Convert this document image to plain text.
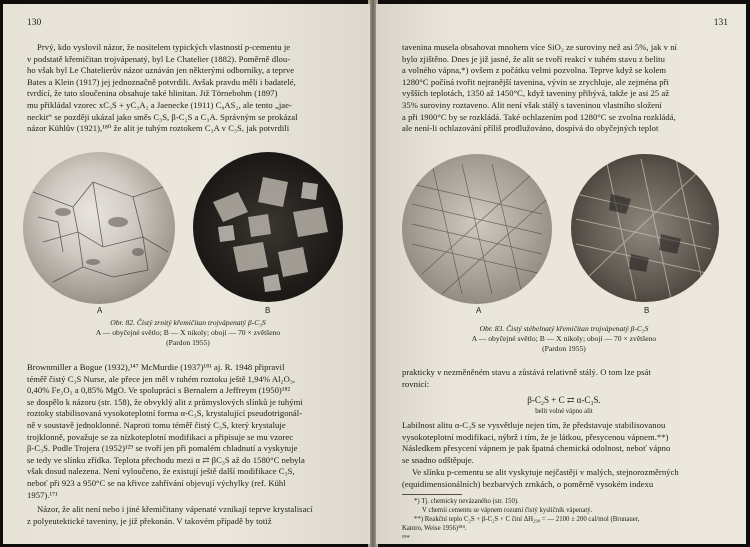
130
Prvý, kdo vyslovil názor, že nositelem typických vlastností p-cementu je
v podstatě křemičitan trojvápenatý, byl Le Chatelier (1882). Poměrně dlou-
ho však byl Le Chatelierův názor uznáván jen některými odborníky, a teprve
Bates a Klein (1917) jej jednoznačně potvrdili. Avšak pravdu měli i badatelé,
tvrdící, že tato sloučenina obsahuje také hlinitan. Již Törnebohm (1897)
mu přikládal vzorec xC₃S + yC₃A₂ a Jaenecke (1911) C₈AS₂, ale tento „jae-
neckit“ se později ukázal jako směs C₃S, β-C₂S a C₃A. Správným se prokázal
názor Kühlův (1921),¹⁸⁰ že alit je tuhým roztokem C₃A v C₃S, jak potvrdili
A	B
Obr. 82. Čistý zrnitý křemičitan trojvápenatý β-C₃S
A — obyčejné světlo; B — X nikoly; obojí — 70 × zvětšeno
(Pardon 1955)
Brownmiller a Bogue (1932),¹⁴⁷ McMurdie (1937)¹⁸¹ aj. R. 1948 připravil
téměř čistý C₃S Nurse, ale přece jen měl v tuhém roztoku ještě 1,94% Al₂O₃,
0,40% Fe₂O₃ a 0,85% MgO. Ve spolupráci s Bernalem a Jeffreym (1950)¹⁸²
se dospělo k názoru (str. 158), že obvyklý alit z průmyslových slínků je tuhými
roztoky stabilisovaná vysokoteplotní forma α-C₃S, krystalující pseudotrigonál-
ně v soustavě jednoklonné. Naproti tomu téměř čistý C₃S, který krystaluje
trojklonně, považuje se za nízkoteplotní modifikaci a připisuje se mu vzorec
β-C₃S. Podle Trojera (1952)¹²⁹ se tvoří jen při pomalém chladnutí a vyskytuje
se tedy ve slínku zřídka. Teplota přechodu mezi α ⇄ βC₃S až do 1580°C nebyla
však dosud nalezena. Není vyloučeno, že existují ještě další modifikace C₃S,
neboť při 923 a 950°C se na křivce zahřívání objevují výchylky (ref. Kühl
1957).¹⁷¹
Názor, že alit není nebo i jiné křemičitany vápenaté vznikají teprve krystalisací
z polyeutektické taveniny, je již překonán. V takovém případě by totiž
131
tavenina musela obsahovat mnohem více SiO₂ ze suroviny než asi 5%, jak v ní
bylo zjištěno. Dnes je již jasné, že alit se tvoří reakcí v tuhém stavu z belitu
a volného vápna,*) ovšem z počátku velmi pozvolna. Teprve když se kolem
1280°C počíná tvořit nejranější tavenina, vývin se zrychluje, ale zejména při
vyšších teplotách, 1350 až 1450°C, když taveniny přibývá, takže je asi 25 až
35% suroviny roztaveno. Alit není však stálý s taveninou vlastního složení
a při 1900°C by se rozkládá. Také ochlazením pod 1280°C se zvolna rozkládá,
ale není-li ochlazování příliš prodlužováno, dospívá do obyčejných teplot
A	B
Obr. 83. Čistý stébelnatý křemičitan trojvápenatý β-C₃S
A — obyčejné světlo; B — X nikoly; obojí — 70 × zvětšeno
(Pardon 1955)
prakticky v nezměněném stavu a zůstává relativně stálý. O tom lze psát
rovnicí:
β-C₂S + C ⇄ α-C₃S.
belit volné vápno alit
Labilnost alitu α-C₃S se vysvětluje nejen tím, že představuje stabilisovanou
vysokoteplotní modifikaci, nýbrž i tím, že je látkou, přesycenou vápnem.**)
Následkem přesycení vápnem je pak špatná chemická odolnost, neboť vápno
se snadno odštěpuje.
Ve slínku p-cementu se alit vyskytuje nejčastěji v malých, stejnorozměrných
(equidimensionálních) bezbarvých zrnkách, o poměrně vysokém indexu
*) Tj. chemicky nevázaného (str. 150).
V chemii cementu se vápnem rozumí čistý kysličník vápenatý.
**) Reakční teplo C₂S + β-C₂S + C činí ΔH₂₉₈ = — 2100 ± 200 cal/mol (Brunauer,
Kantro, Weise 1956)¹⁸⁴.
¹⁹*
